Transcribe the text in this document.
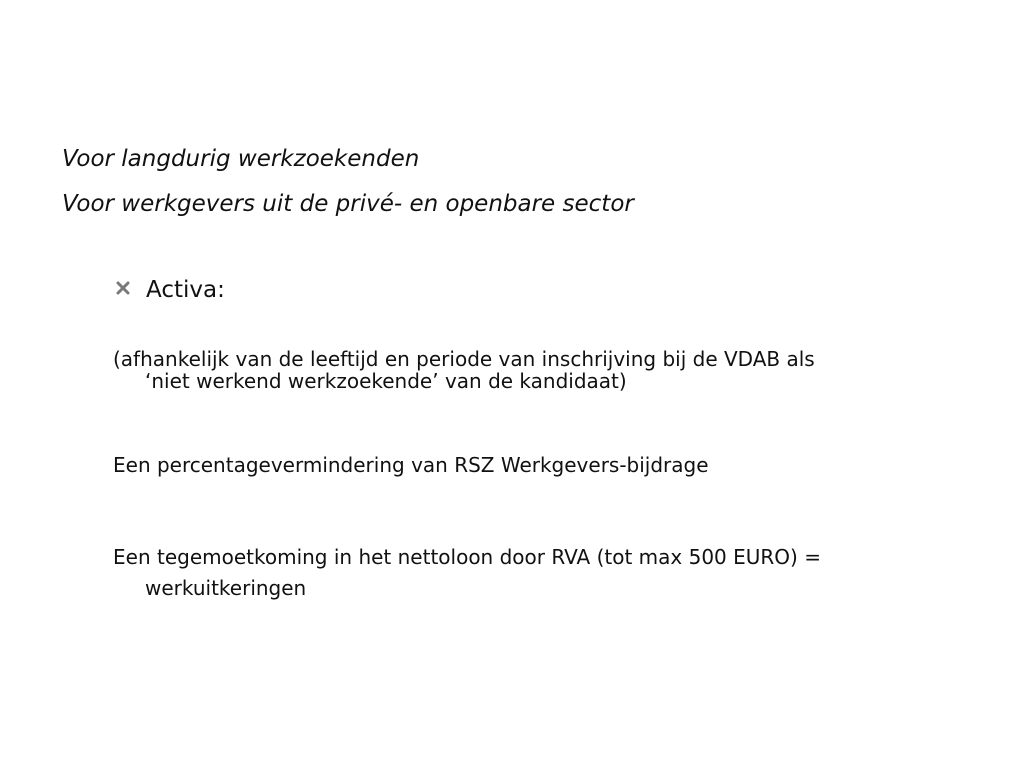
Voor langdurig werkzoekenden
Voor werkgevers uit de privé- en openbare sector
Activa:
(afhankelijk van de leeftijd en periode van inschrijving bij de VDAB als
‘niet werkend werkzoekende’ van de kandidaat)
Een percentagevermindering van RSZ Werkgevers-bijdrage
Een tegemoetkoming in het nettoloon door RVA (tot max 500 EURO) =
werkuitkeringen
